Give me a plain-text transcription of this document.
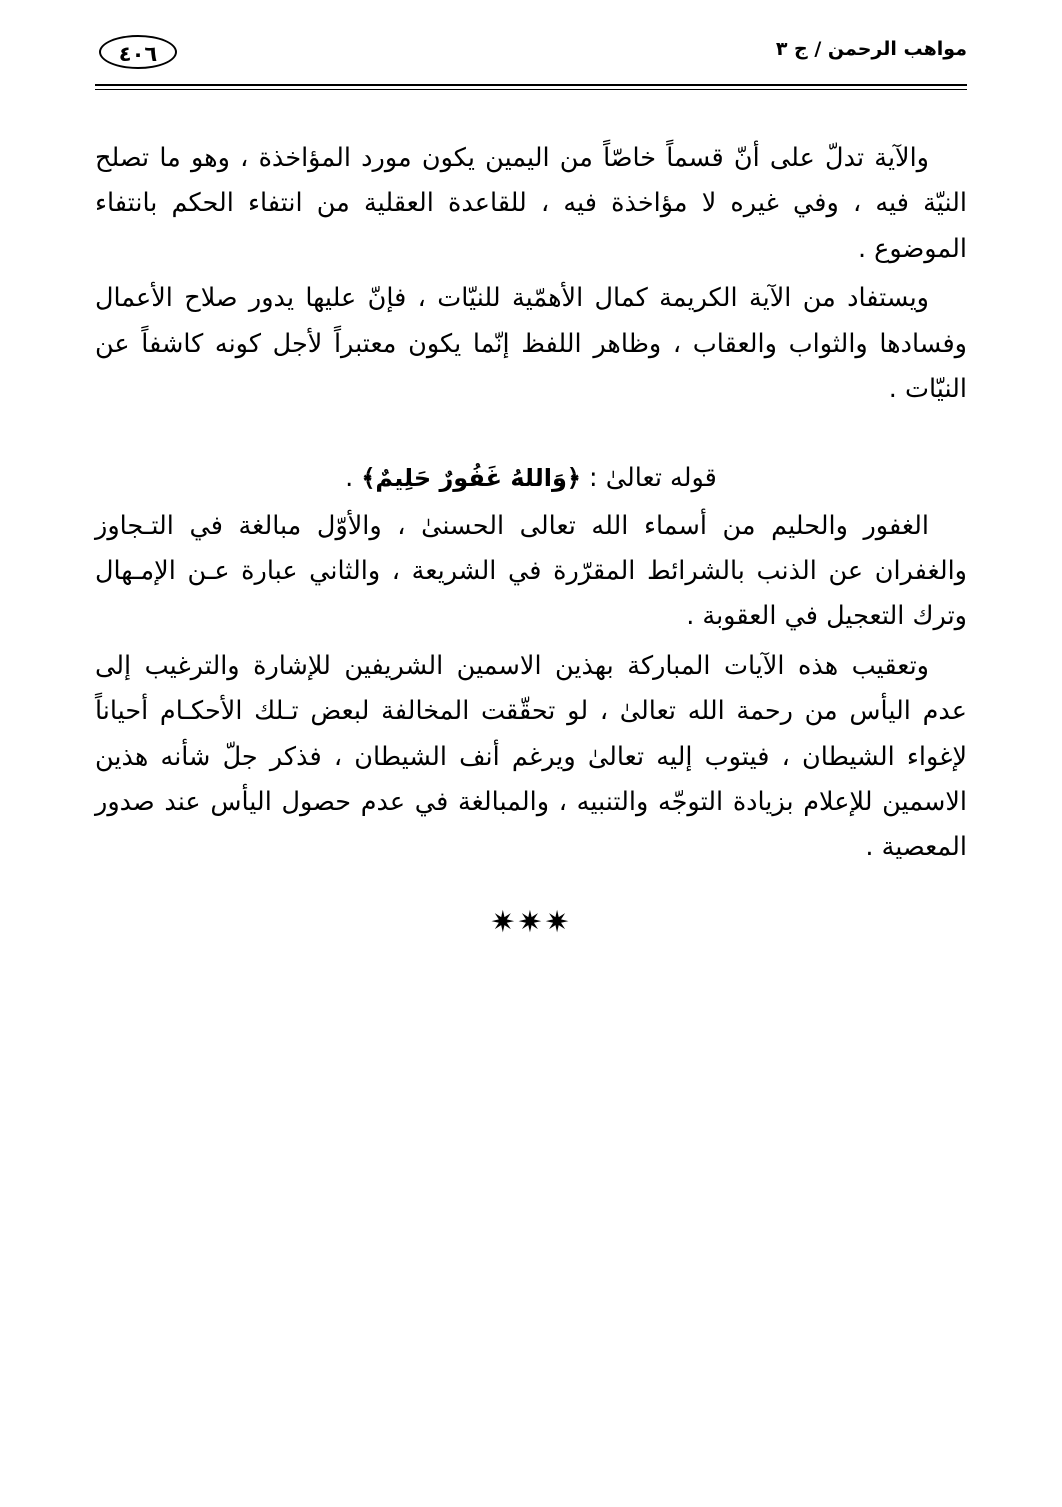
مواهب الرحمن / ج ٣
٤٠٦

والآية تدلّ على أنّ قسماً خاصّاً من اليمين يكون مورد المؤاخذة ، وهو ما تصلح النيّة فيه ، وفي غيره لا مؤاخذة فيه ، للقاعدة العقلية من انتفاء الحكم بانتفاء الموضوع .

ويستفاد من الآية الكريمة كمال الأهمّية للنيّات ، فإنّ عليها يدور صلاح الأعمال وفسادها والثواب والعقاب ، وظاهر اللفظ إنّما يكون معتبراً لأجل كونه كاشفاً عن النيّات .

قوله تعالىٰ : ﴿وَاللهُ غَفُورٌ حَلِيمٌ﴾ .

الغفور والحليم من أسماء الله تعالى الحسنىٰ ، والأوّل مبالغة في التـجاوز والغفران عن الذنب بالشرائط المقرّرة في الشريعة ، والثاني عبارة عـن الإمـهال وترك التعجيل في العقوبة .

وتعقيب هذه الآيات المباركة بهذين الاسمين الشريفين للإشارة والترغيب إلى عدم اليأس من رحمة الله تعالىٰ ، لو تحقّقت المخالفة لبعض تـلك الأحكـام أحياناً لإغواء الشيطان ، فيتوب إليه تعالىٰ ويرغم أنف الشيطان ، فذكر جلّ شأنه هذين الاسمين للإعلام بزيادة التوجّه والتنبيه ، والمبالغة في عدم حصول اليأس عند صدور المعصية .

✷✷✷
